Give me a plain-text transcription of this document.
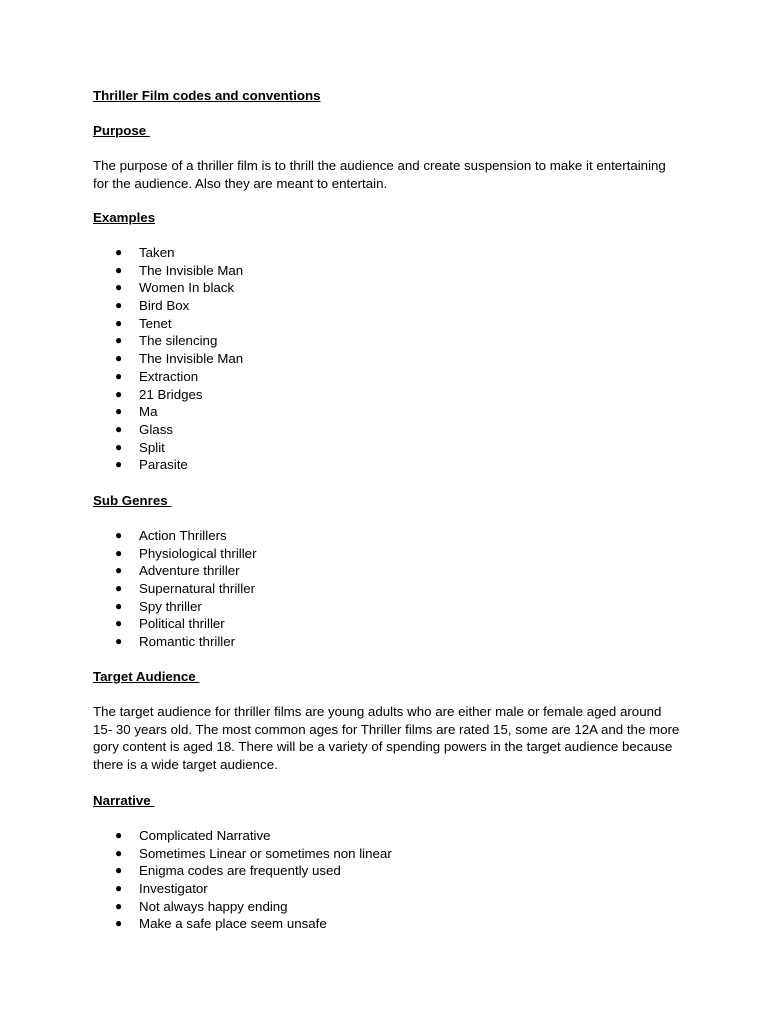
Thriller Film codes and conventions
Purpose

The purpose of a thriller film is to thrill the audience and create suspension to make it entertaining for the audience. Also they are meant to entertain.

Examples
● Taken
● The Invisible Man
● Women In black
● Bird Box
● Tenet
● The silencing
● The Invisible Man
● Extraction
● 21 Bridges
● Ma
● Glass
● Split
● Parasite
Sub Genres
● Action Thrillers
● Physiological thriller
● Adventure thriller
● Supernatural thriller
● Spy thriller
● Political thriller
● Romantic thriller
Target Audience

The target audience for thriller films are young adults who are either male or female aged around 15- 30 years old. The most common ages for Thriller films are rated 15, some are 12A and the more gory content is aged 18. There will be a variety of spending powers in the target audience because there is a wide target audience.

Narrative
● Complicated Narrative
● Sometimes Linear or sometimes non linear
● Enigma codes are frequently used
● Investigator
● Not always happy ending
● Make a safe place seem unsafe
